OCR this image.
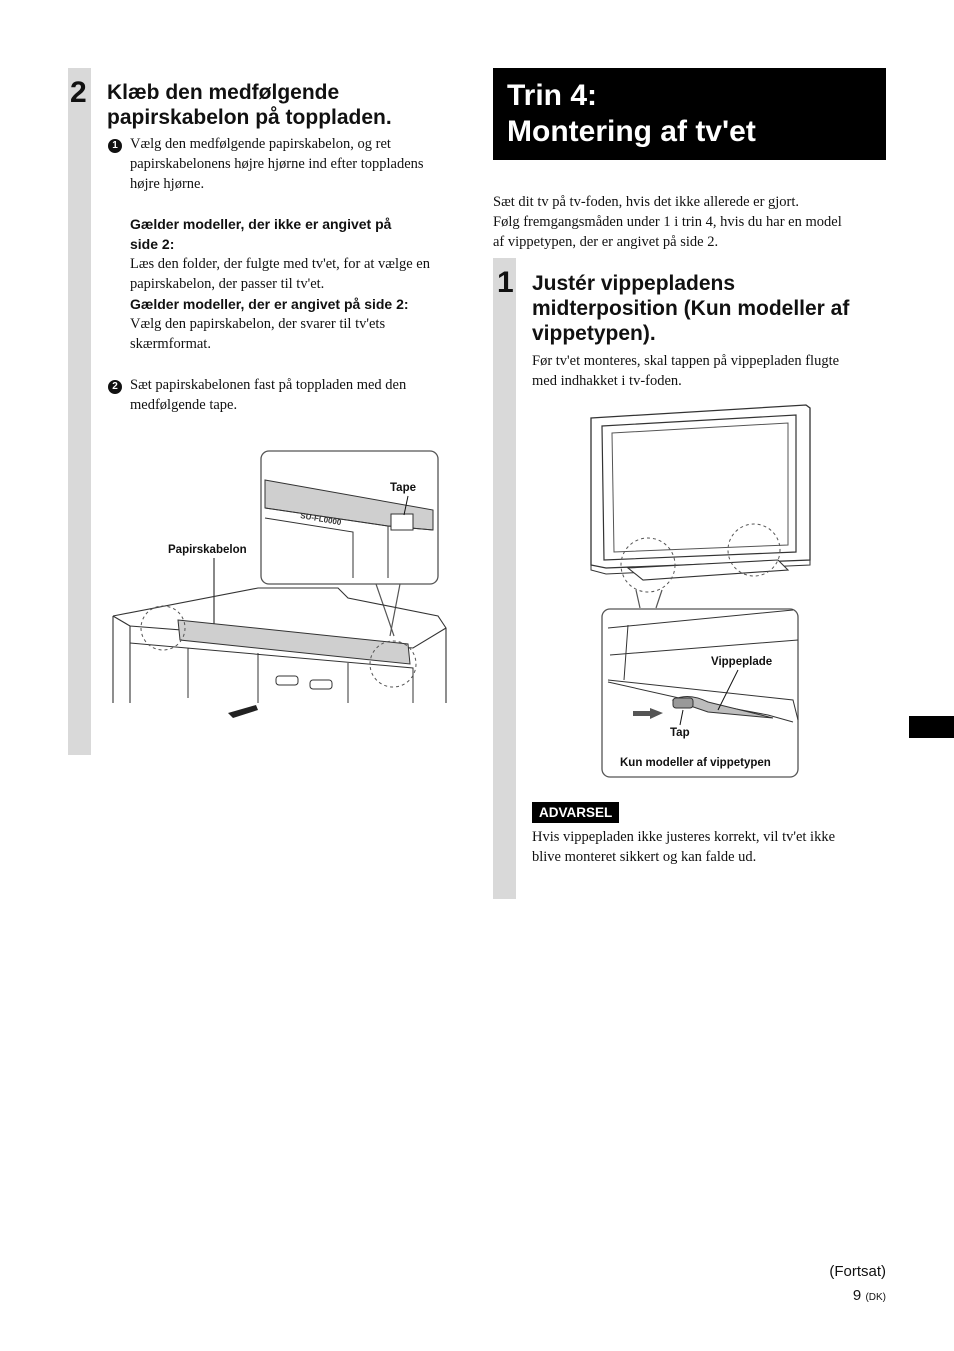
2 Klæb den medfølgende
papirskabelon på toppladen.
1 Vælg den medfølgende papirskabelon, og ret
papirskabelonens højre hjørne ind efter toppladens
højre hjørne.
Gælder modeller, der ikke er angivet på
side 2:
Læs den folder, der fulgte med tv'et, for at vælge en
papirskabelon, der passer til tv'et.
Gælder modeller, der er angivet på side 2:
Vælg den papirskabelon, der svarer til tv'ets
skærmformat.
2 Sæt papirskabelonen fast på toppladen med den
medfølgende tape.
SU-FL0000
Tape
Papirskabelon
Trin 4:
Montering af tv'et
Sæt dit tv på tv-foden, hvis det ikke allerede er gjort.
Følg fremgangsmåden under 1 i trin 4, hvis du har en model
af vippetypen, der er angivet på side 2.
1 Justér vippepladens
midterposition (Kun modeller af
vippetypen).
Før tv'et monteres, skal tappen på vippepladen flugte
med indhakket i tv-foden.
Vippeplade
Tap
Kun modeller af vippetypen
ADVARSEL
Hvis vippepladen ikke justeres korrekt, vil tv'et ikke
blive monteret sikkert og kan falde ud.
(Fortsat)
9 (DK)
